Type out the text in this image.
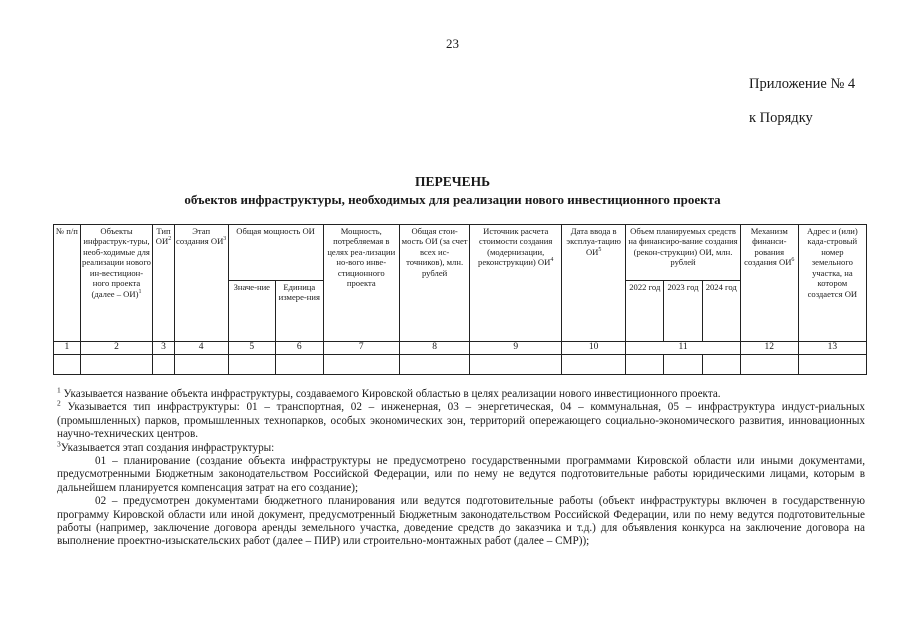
23
Приложение № 4
к Порядку
ПЕРЕЧЕНЬ
объектов инфраструктуры, необходимых для реализации нового инвестиционного проекта
№ п/п	Объекты инфраструк-туры, необ-ходимые для реализации нового ин-вестицион-ного проекта (далее – ОИ)$^1$	Тип $ОИ^2$	Этап создания $ОИ^3$	Общая мощность ОИ		Мощность, потребляемая в целях реа-лизации но-вого инве-стиционного проекта	Общая стои-мость ОИ (за счет всех ис-точников), млн. рублей	Источник расчета стоимости создания (модернизации, реконструкции) $ОИ^4$	Дата ввода в эксплуа-тацию $ОИ^5$	Объем планируемых средств на финансиро-вание создания (рекон-струкции) ОИ, млн. рублей			Механизм финанси-рования создания $ОИ^6$	Адрес и (или) када-стровый номер земельного участка, на котором создается ОИ
				Значе-ние	Единица измере-ния					2022 год	2023 год	2024 год		
1	2	3	4	5	6	7	8	9	10	11			12	13

$^1$ Указывается название объекта инфраструктуры, создаваемого Кировской областью в целях реализации нового инвестиционного проекта.

$^2$ Указывается тип инфраструктуры: 01 – транспортная, 02 – инженерная, 03 – энергетическая, 04 – коммунальная, 05 – инфраструктура индуст-риальных (промышленных) парков, промышленных технопарков, особых экономических зон, территорий опережающего социально-экономического развития, инновационных научно-технических центров.

$^3$Указывается этап создания инфраструктуры:

01 – планирование (создание объекта инфраструктуры не предусмотрено государственными программами Кировской области или иными документами, предусмотренными Бюджетным законодательством Российской Федерации, или по нему не ведутся подготовительные работы юридическими лицами, которым в дальнейшем планируется компенсация затрат на его создание);

02 – предусмотрен документами бюджетного планирования или ведутся подготовительные работы (объект инфраструктуры включен в государственную программу Кировской области или иной документ, предусмотренный Бюджетным законодательством Российской Федерации, или по нему ведутся подготовительные работы (например, заключение договора аренды земельного участка, доведение средств до заказчика и т.д.) для объявления конкурса на заключение договора на выполнение проектно-изыскательских работ (далее – ПИР) или строительно-монтажных работ (далее – СМР));
